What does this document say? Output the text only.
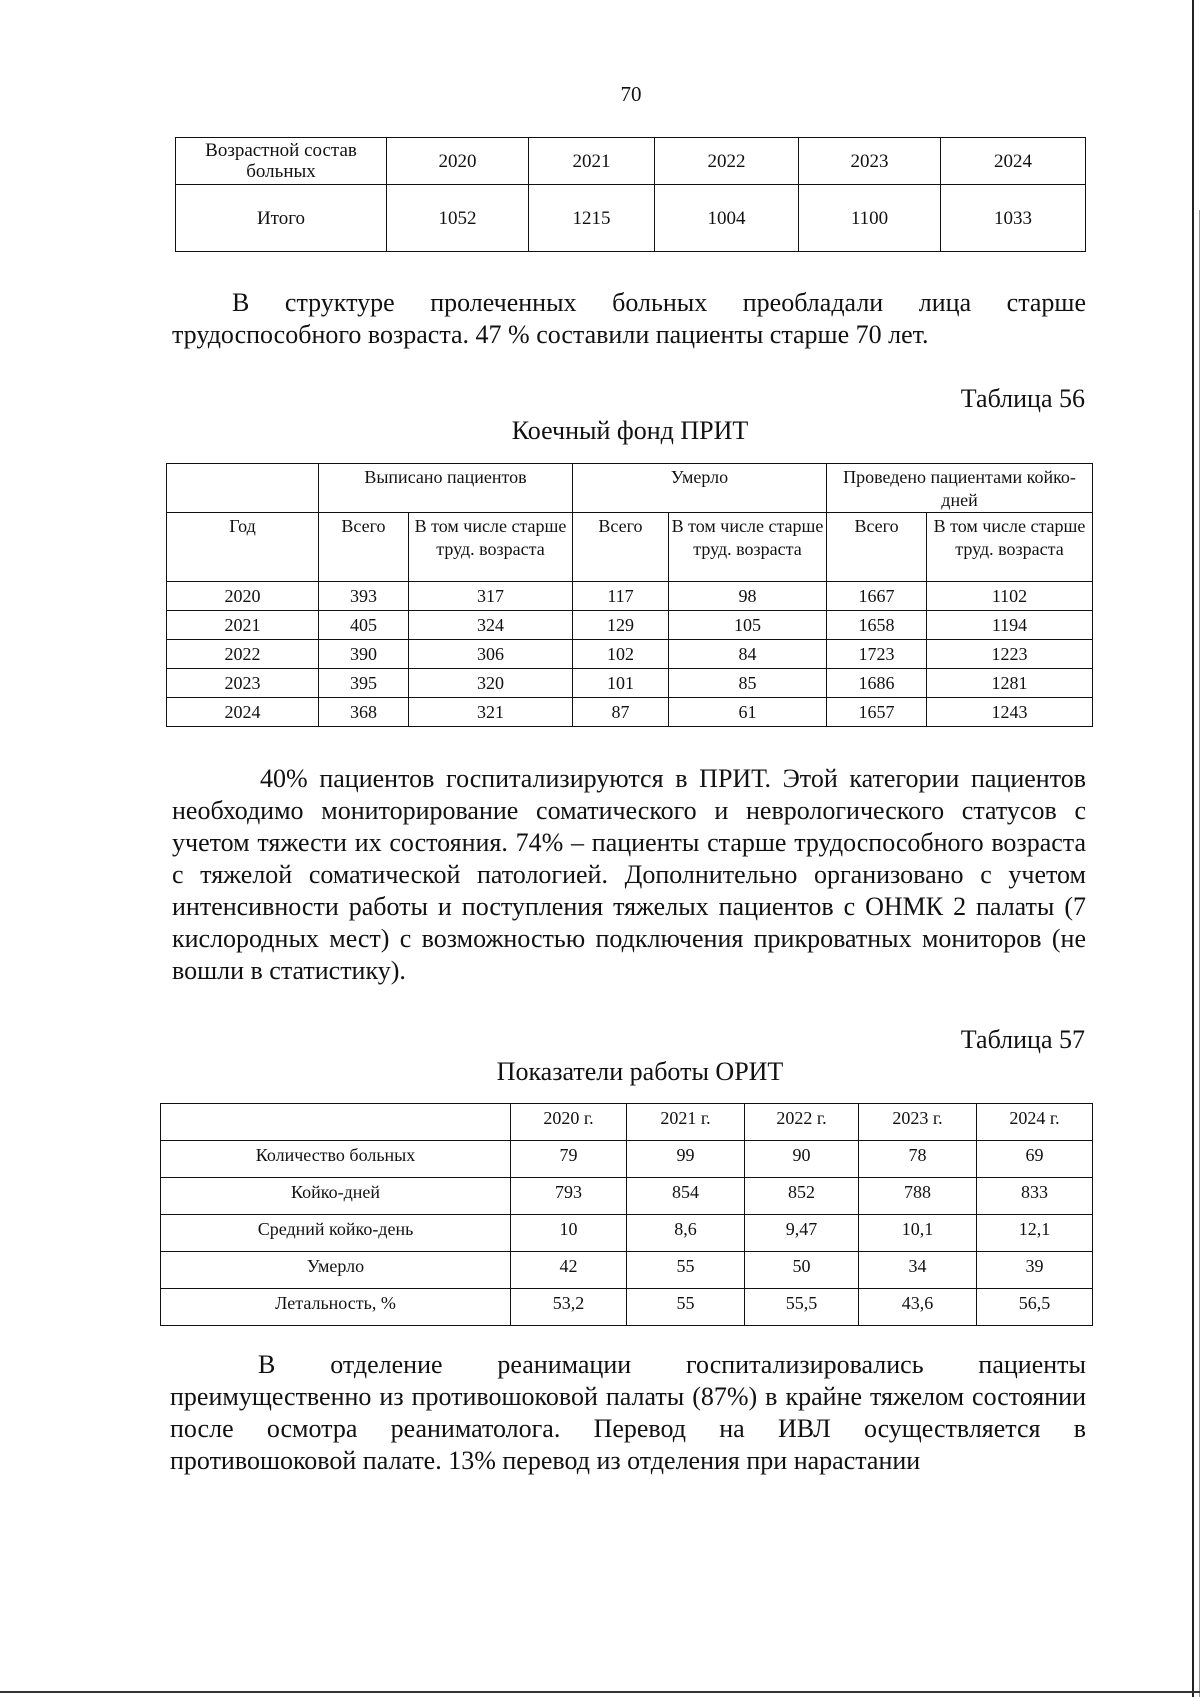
70
Возрастной состав больных	2020	2021	2022	2023	2024
Итого	1052	1215	1004	1100	1033

В структуре пролеченных больных преобладали лица старше трудоспособного возраста. 47 % составили пациенты старше 70 лет.

Таблица 56
Коечный фонд ПРИТ
	Выписано пациентов		Умерло		Проведено пациентами койко-дней	
Год	Всего	В том числе старше труд. возраста	Всего	В том числе старше труд. возраста	Всего	В том числе старше труд. возраста
2020	393	317	117	98	1667	1102
2021	405	324	129	105	1658	1194
2022	390	306	102	84	1723	1223
2023	395	320	101	85	1686	1281
2024	368	321	87	61	1657	1243

40% пациентов госпитализируются в ПРИТ. Этой категории пациентов необходимо мониторирование соматического и неврологического статусов с учетом тяжести их состояния. 74% – пациенты старше трудоспособного возраста с тяжелой соматической патологией. Дополнительно организовано с учетом интенсивности работы и поступления тяжелых пациентов с ОНМК 2 палаты (7 кислородных мест) с возможностью подключения прикроватных мониторов (не вошли в статистику).

Таблица 57
Показатели работы ОРИТ
	2020 г.	2021 г.	2022 г.	2023 г.	2024 г.
Количество больных	79	99	90	78	69
Койко-дней	793	854	852	788	833
Средний койко-день	10	8,6	9,47	10,1	12,1
Умерло	42	55	50	34	39
Летальность, %	53,2	55	55,5	43,6	56,5

В отделение реанимации госпитализировались пациенты преимущественно из противошоковой палаты (87%) в крайне тяжелом состоянии после осмотра реаниматолога. Перевод на ИВЛ осуществляется в противошоковой палате. 13% перевод из отделения при нарастании
